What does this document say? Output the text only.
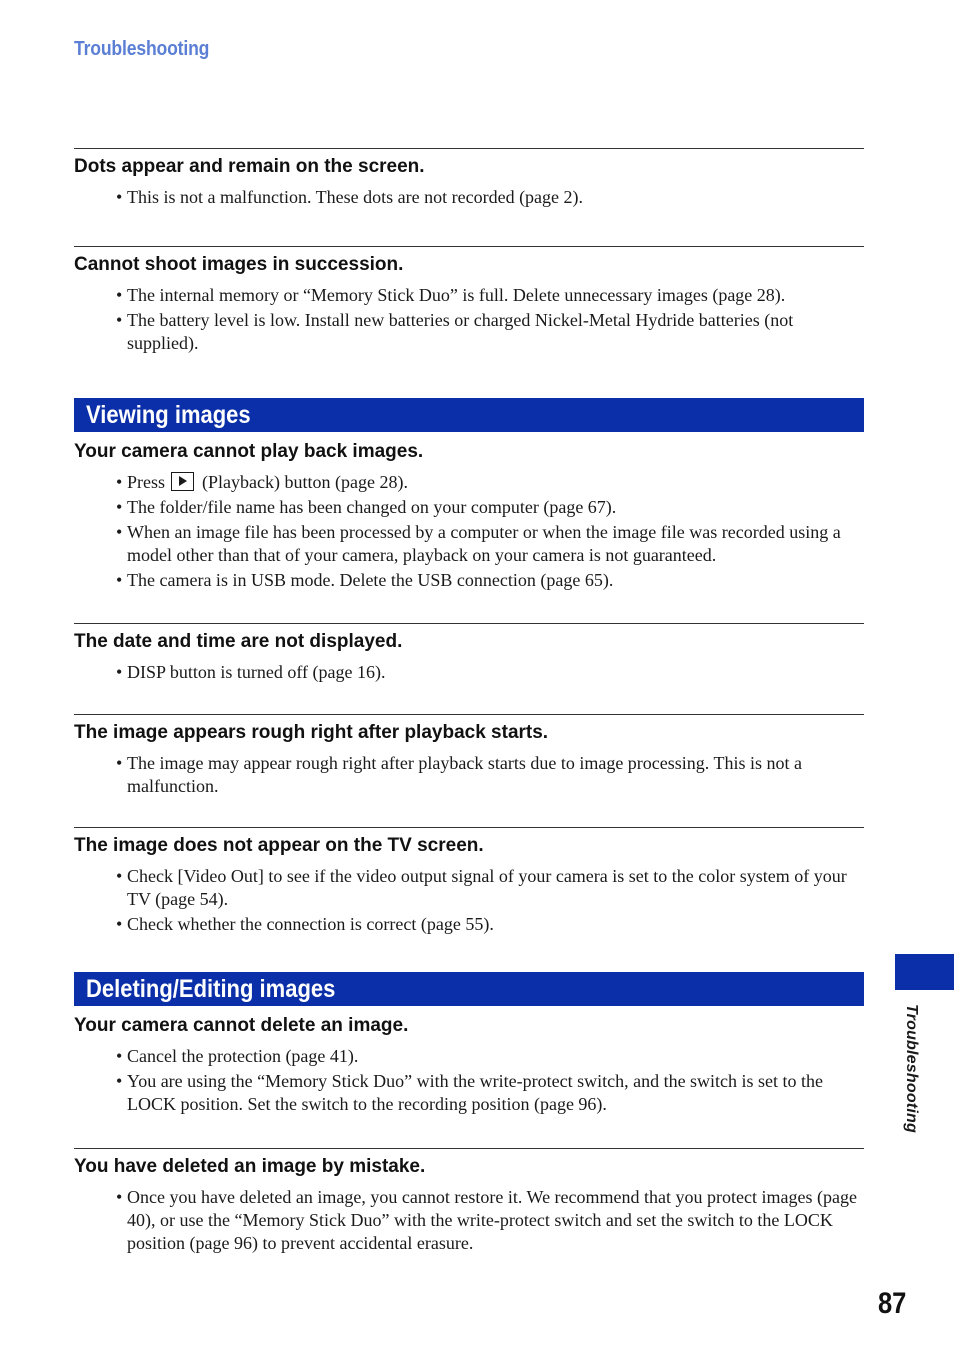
Troubleshooting
Dots appear and remain on the screen.
• This is not a malfunction. These dots are not recorded (page 2).
Cannot shoot images in succession.
• The internal memory or “Memory Stick Duo” is full. Delete unnecessary images (page 28).
• The battery level is low. Install new batteries or charged Nickel-Metal Hydride batteries (not supplied).
Viewing images
Your camera cannot play back images.
• Press (Playback) button (page 28).
• The folder/file name has been changed on your computer (page 67).
• When an image file has been processed by a computer or when the image file was recorded using a model other than that of your camera, playback on your camera is not guaranteed.
• The camera is in USB mode. Delete the USB connection (page 65).
The date and time are not displayed.
• DISP button is turned off (page 16).
The image appears rough right after playback starts.
• The image may appear rough right after playback starts due to image processing. This is not a malfunction.
The image does not appear on the TV screen.
• Check [Video Out] to see if the video output signal of your camera is set to the color system of your TV (page 54).
• Check whether the connection is correct (page 55).
Deleting/Editing images
Your camera cannot delete an image.
• Cancel the protection (page 41).
• You are using the “Memory Stick Duo” with the write-protect switch, and the switch is set to the LOCK position. Set the switch to the recording position (page 96).
You have deleted an image by mistake.
• Once you have deleted an image, you cannot restore it. We recommend that you protect images (page 40), or use the “Memory Stick Duo” with the write-protect switch and set the switch to the LOCK position (page 96) to prevent accidental erasure.
Troubleshooting
87
